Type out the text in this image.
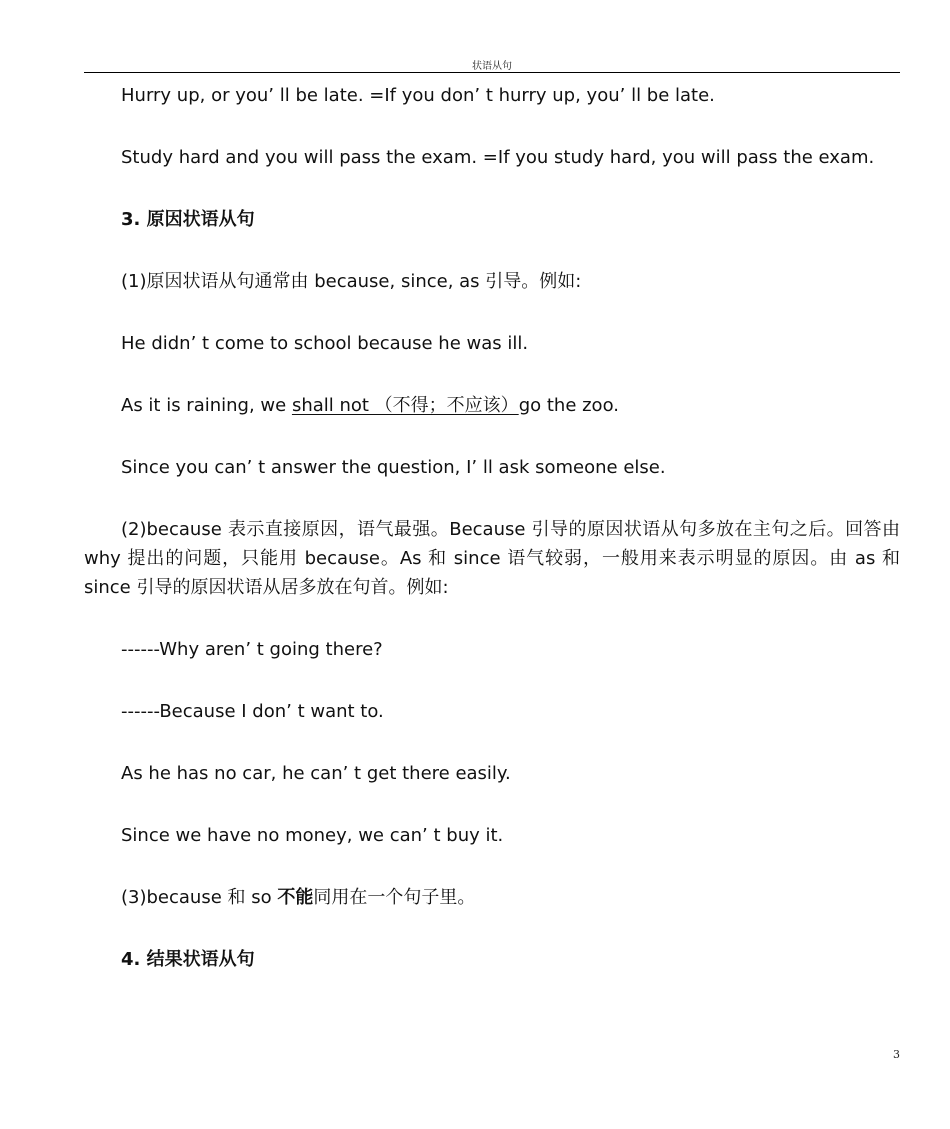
状语从句
Hurry up, or you’ ll be late. =If you don’ t hurry up, you’ ll be late.
Study hard and you will pass the exam. =If you study hard, you will pass the exam.
3. 原因状语从句
(1)原因状语从句通常由 because, since, as 引导。例如:
He didn’ t come to school because he was ill.
As it is raining, we shall not （不得；不应该）go the zoo.
Since you can’ t answer the question, I’ ll ask someone else.
(2)because 表示直接原因，语气最强。Because 引导的原因状语从句多放在主句之后。回答由 why 提出的问题，只能用 because。As 和 since 语气较弱，一般用来表示明显的原因。由 as 和 since 引导的原因状语从居多放在句首。例如:
------Why aren’ t going there?
------Because I don’ t want to.
As he has no car, he can’ t get there easily.
Since we have no money, we can’ t buy it.
(3)because 和 so 不能同用在一个句子里。
4. 结果状语从句
3
